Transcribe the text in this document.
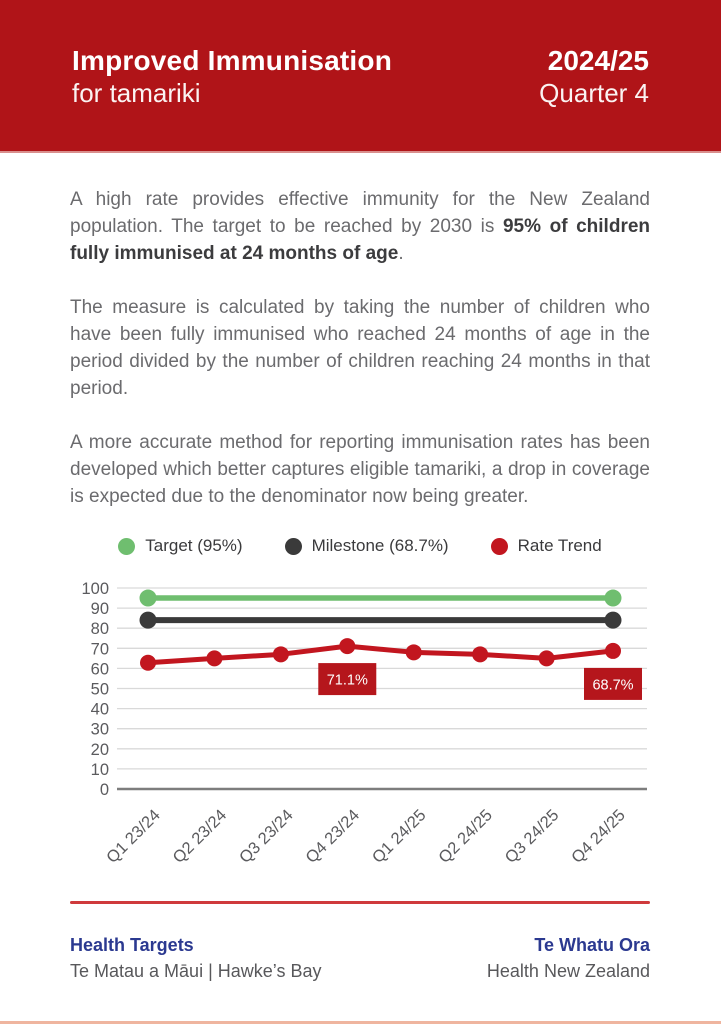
Improved Immunisation
for tamariki
2024/25
Quarter 4

A high rate provides effective immunity for the New Zealand population. The target to be reached by 2030 is 95% of children fully immunised at 24 months of age.

The measure is calculated by taking the number of children who have been fully immunised who reached 24 months of age in the period divided by the number of children reaching 24 months in that period.

A more accurate method for reporting immunisation rates has been developed which better captures eligible tamariki, a drop in coverage is expected due to the denominator now being greater.

Target (95%)	Milestone (68.7%)	Rate Trend
0
10
20
30
40
50
60
70
80
90
100
Q1 23/24 Q2 23/24 Q3 23/24 Q4 23/24 Q1 24/25 Q2 24/25 Q3 24/25 Q4 24/25
71.1%	68.7%
Health Targets
Te Matau a Māui | Hawke’s Bay
Te Whatu Ora
Health New Zealand
